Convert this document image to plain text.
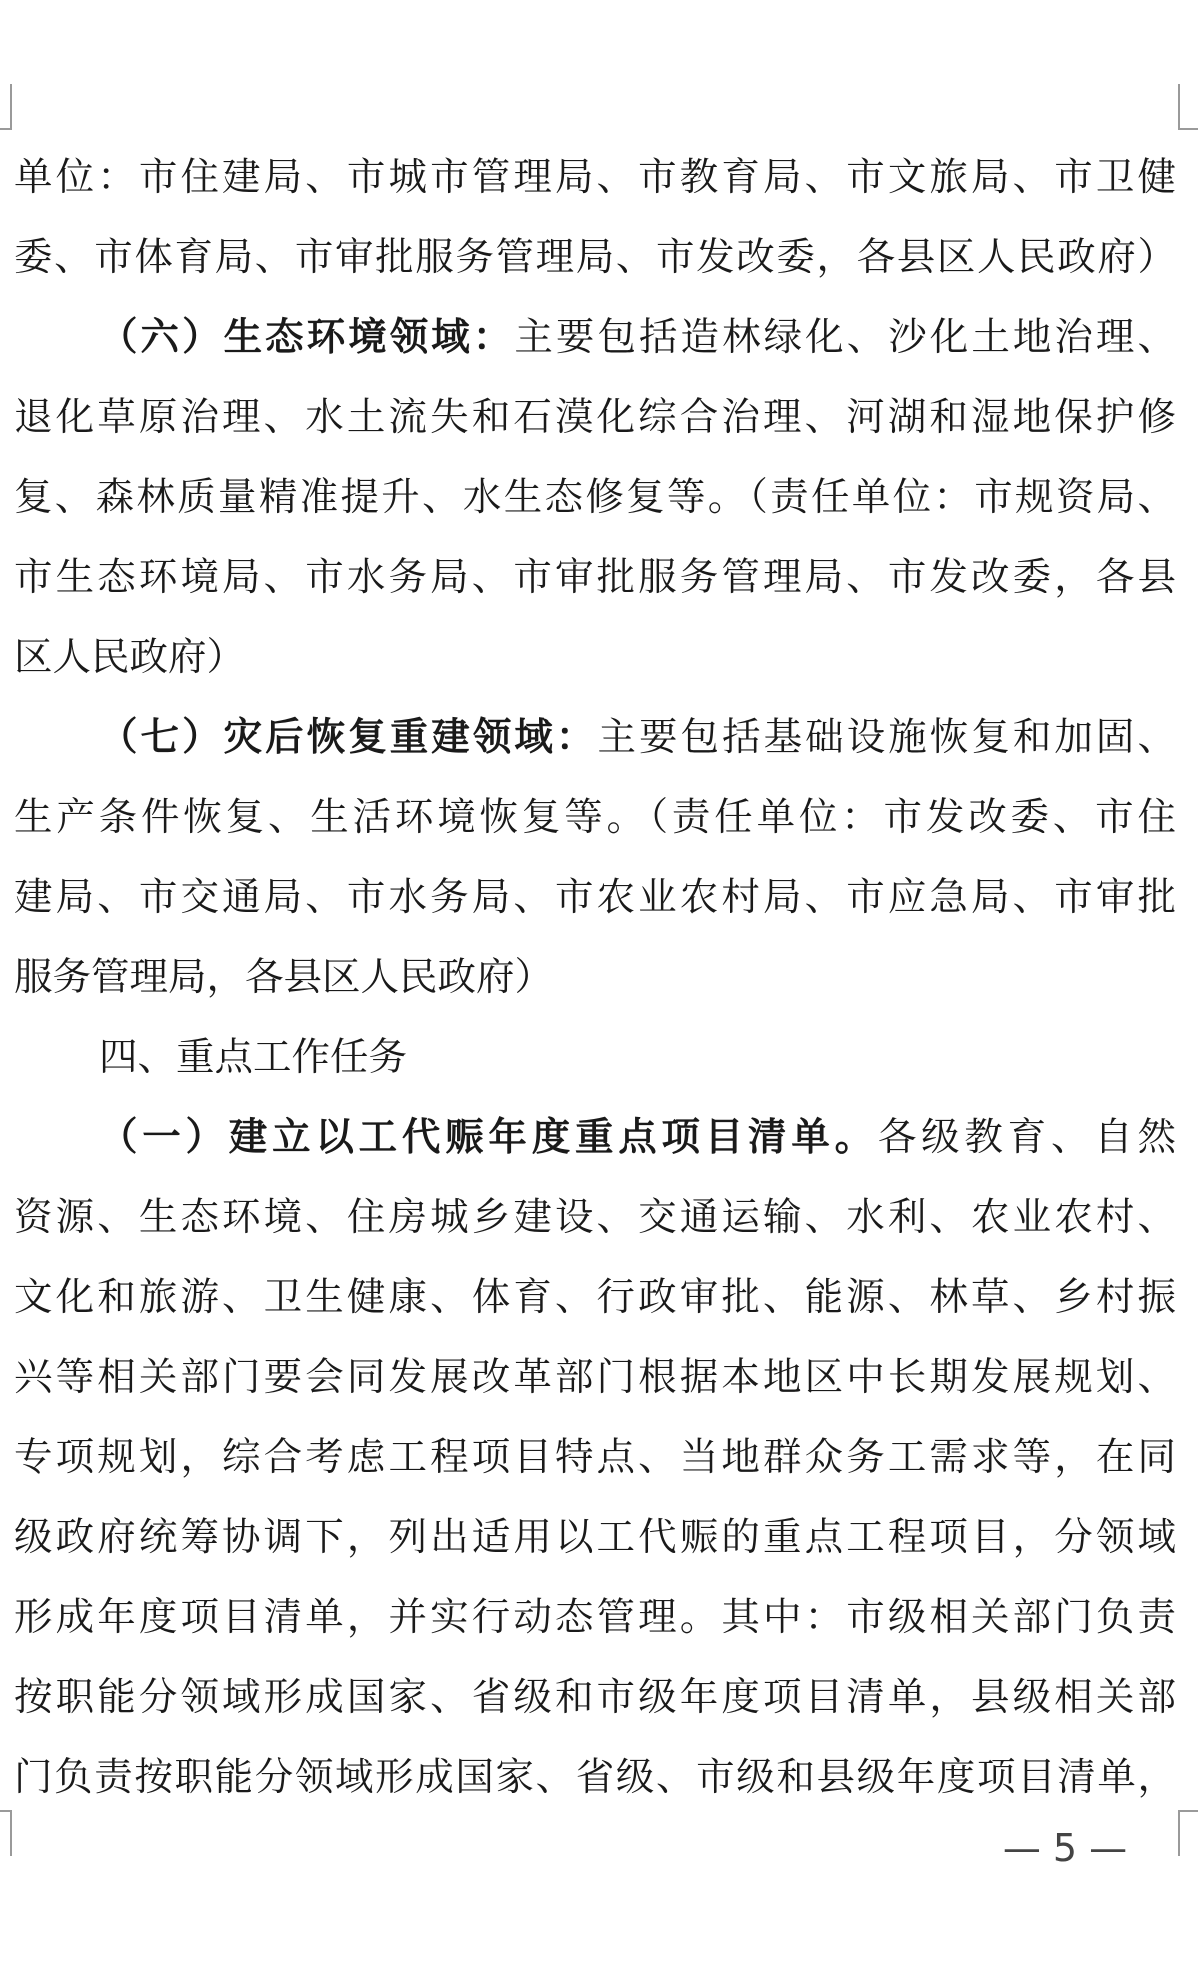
单位：市住建局、市城市管理局、市教育局、市文旅局、市卫健
委、市体育局、市审批服务管理局、市发改委，各县区人民政府）
（六）生态环境领域：主要包括造林绿化、沙化土地治理、
退化草原治理、水土流失和石漠化综合治理、河湖和湿地保护修
复、森林质量精准提升、水生态修复等。（责任单位：市规资局、
市生态环境局、市水务局、市审批服务管理局、市发改委，各县
区人民政府）
（七）灾后恢复重建领域：主要包括基础设施恢复和加固、
生产条件恢复、生活环境恢复等。（责任单位：市发改委、市住
建局、市交通局、市水务局、市农业农村局、市应急局、市审批
服务管理局，各县区人民政府）
四、重点工作任务
（一）建立以工代赈年度重点项目清单。各级教育、自然
资源、生态环境、住房城乡建设、交通运输、水利、农业农村、
文化和旅游、卫生健康、体育、行政审批、能源、林草、乡村振
兴等相关部门要会同发展改革部门根据本地区中长期发展规划、
专项规划，综合考虑工程项目特点、当地群众务工需求等，在同
级政府统筹协调下，列出适用以工代赈的重点工程项目，分领域
形成年度项目清单，并实行动态管理。其中：市级相关部门负责
按职能分领域形成国家、省级和市级年度项目清单，县级相关部
门负责按职能分领域形成国家、省级、市级和县级年度项目清单，
— 5 —
